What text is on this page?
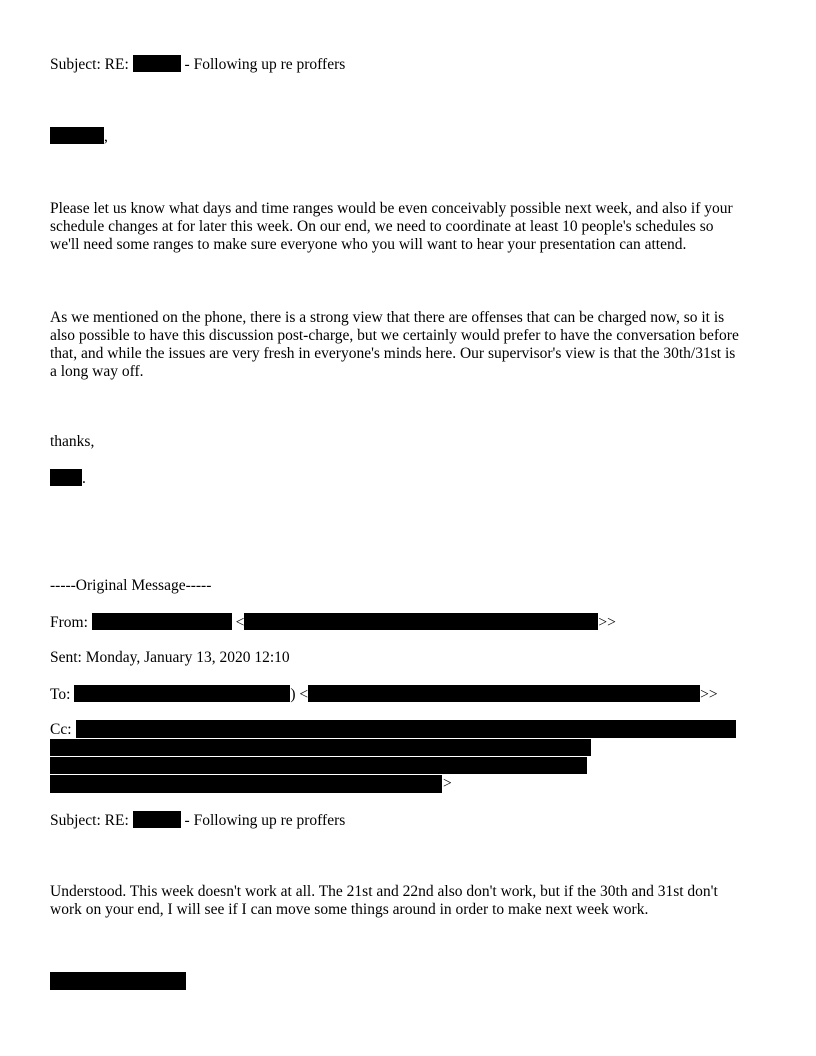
Subject: RE:	- Following up re proffers
,

Please let us know what days and time ranges would be even conceivably possible next week, and also if your

schedule changes at for later this week. On our end, we need to coordinate at least 10 people's schedules so

we'll need some ranges to make sure everyone who you will want to hear your presentation can attend.

As we mentioned on the phone, there is a strong view that there are offenses that can be charged now, so it is

also possible to have this discussion post-charge, but we certainly would prefer to have the conversation before

that, and while the issues are very fresh in everyone's minds here. Our supervisor's view is that the 30th/31st is

a long way off.

thanks,
.
-----Original Message-----
From:	<	>>
Sent: Monday, January 13, 2020 12:10
To:	) <	>>
Cc:
>
Subject: RE:	- Following up re proffers

Understood. This week doesn't work at all. The 21st and 22nd also don't work, but if the 30th and 31st don't

work on your end, I will see if I can move some things around in order to make next week work.
